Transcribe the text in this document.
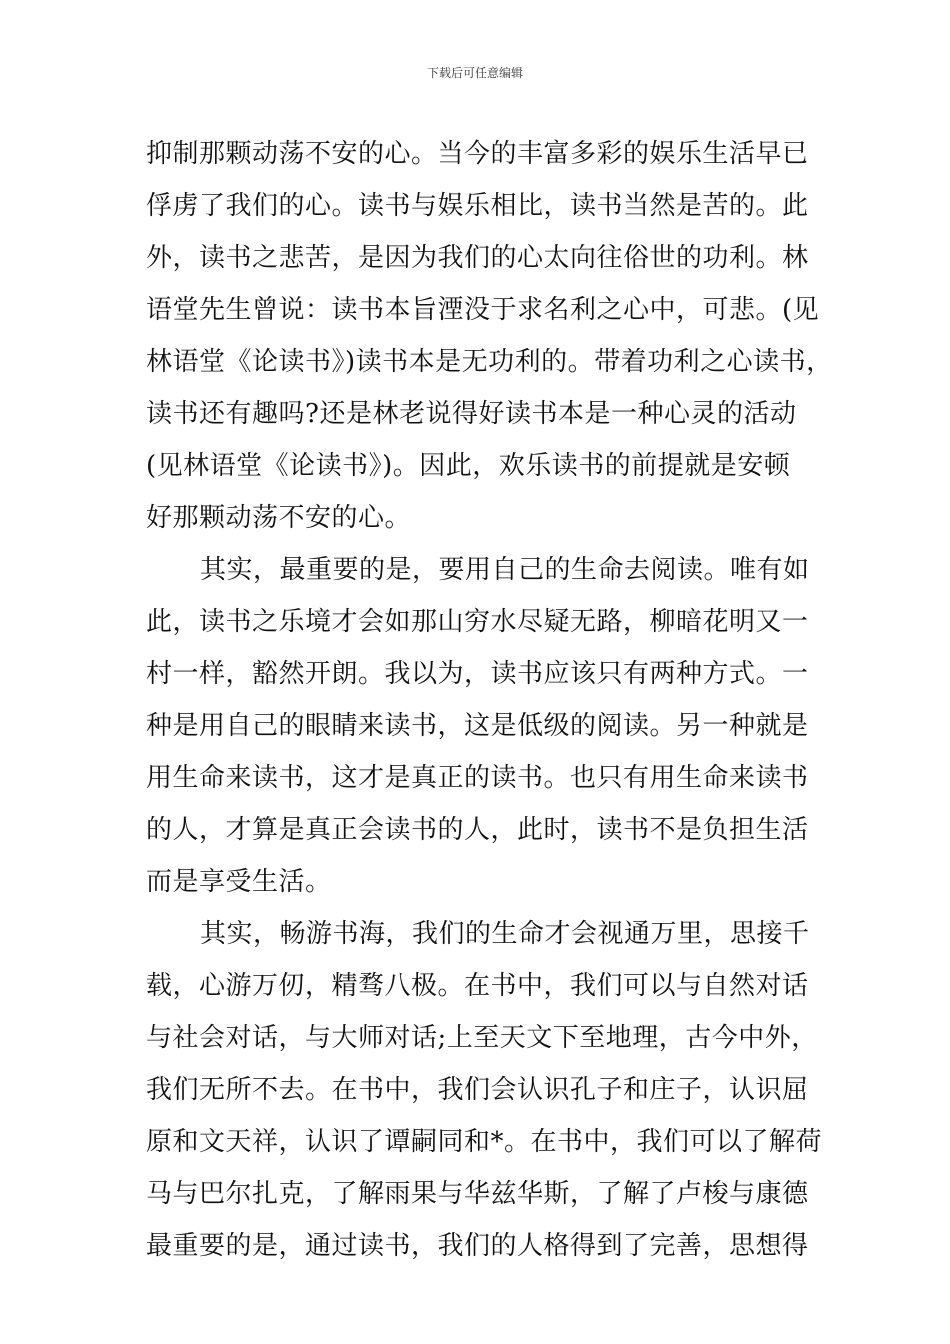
下载后可任意编辑
抑制那颗动荡不安的心。当今的丰富多彩的娱乐生活早已
俘虏了我们的心。读书与娱乐相比，读书当然是苦的。此
外，读书之悲苦，是因为我们的心太向往俗世的功利。林
语堂先生曾说：读书本旨湮没于求名利之心中，可悲。(见
林语堂《论读书》)读书本是无功利的。带着功利之心读书，
读书还有趣吗?还是林老说得好读书本是一种心灵的活动
(见林语堂《论读书》)。因此，欢乐读书的前提就是安顿
好那颗动荡不安的心。
其实，最重要的是，要用自己的生命去阅读。唯有如
此，读书之乐境才会如那山穷水尽疑无路，柳暗花明又一
村一样，豁然开朗。我以为，读书应该只有两种方式。一
种是用自己的眼睛来读书，这是低级的阅读。另一种就是
用生命来读书，这才是真正的读书。也只有用生命来读书
的人，才算是真正会读书的人，此时，读书不是负担生活
而是享受生活。
其实，畅游书海，我们的生命才会视通万里，思接千
载，心游万仞，精骛八极。在书中，我们可以与自然对话
与社会对话，与大师对话;上至天文下至地理，古今中外，
我们无所不去。在书中，我们会认识孔子和庄子，认识屈
原和文天祥，认识了谭嗣同和*。在书中，我们可以了解荷
马与巴尔扎克，了解雨果与华兹华斯，了解了卢梭与康德
最重要的是，通过读书，我们的人格得到了完善，思想得
